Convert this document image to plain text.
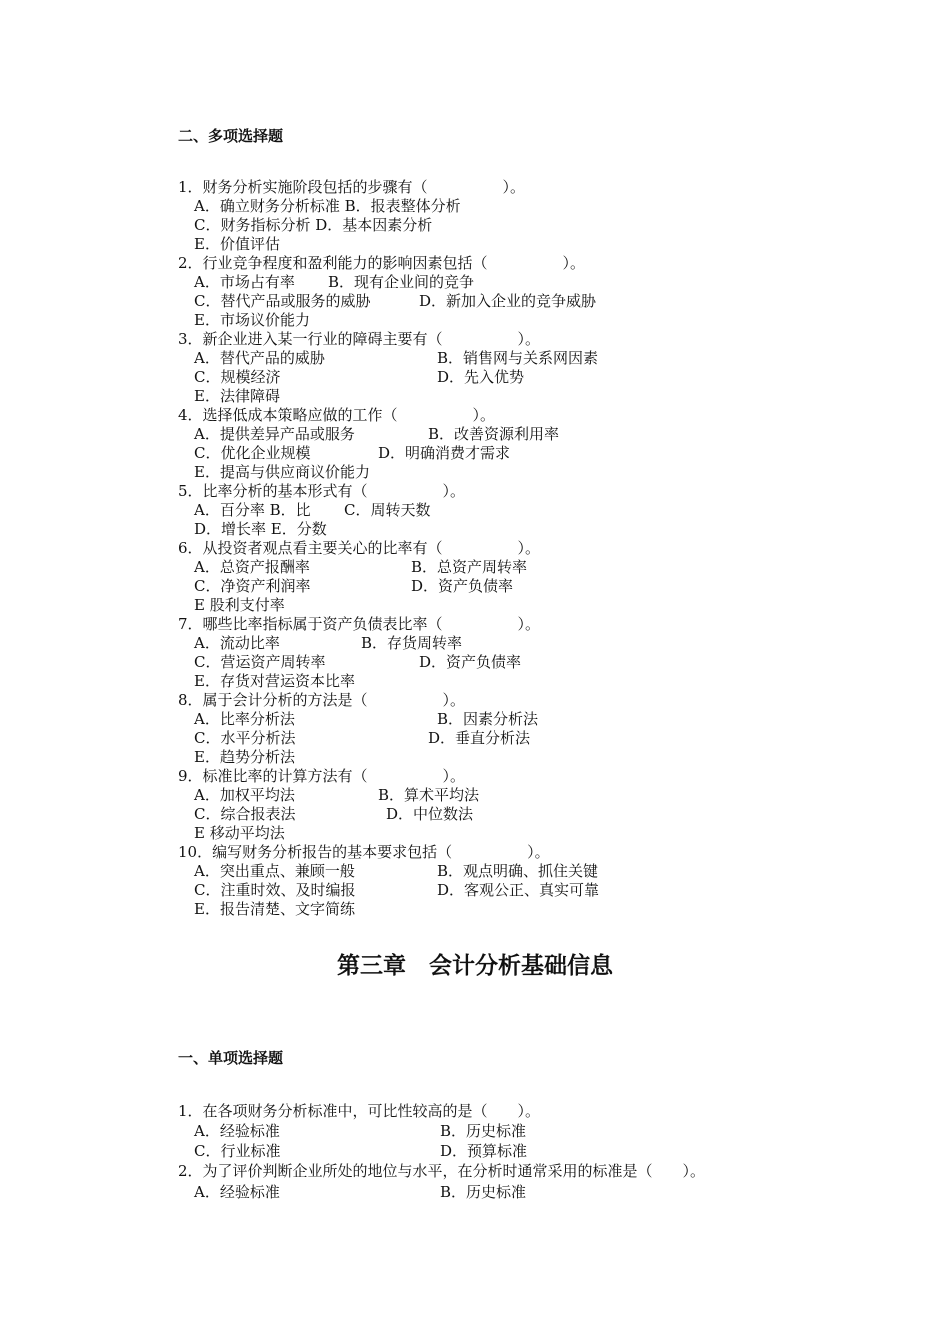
二、多项选择题
1．财务分析实施阶段包括的步骤有（　　　　　）。
A．确立财务分析标准 B．报表整体分析
C．财务指标分析 D．基本因素分析
E．价值评估
2．行业竞争程度和盈利能力的影响因素包括（　　　　　）。
A．市场占有率 B．现有企业间的竞争
C．替代产品或服务的威胁	D．新加入企业的竞争威胁
E．市场议价能力
3．新企业进入某一行业的障碍主要有（　　　　　）。
A．替代产品的威胁	B．销售网与关系网因素
C．规模经济	D．先入优势
E．法律障碍
4．选择低成本策略应做的工作（　　　　　）。
A．提供差异产品或服务	B．改善资源利用率
C．优化企业规模	D．明确消费才需求
E．提高与供应商议价能力
5．比率分析的基本形式有（　　　　　）。
A．百分率 B．比 C．周转天数
D．增长率 E．分数
6．从投资者观点看主要关心的比率有（　　　　　）。
A．总资产报酬率	B．总资产周转率
C．净资产利润率	D．资产负债率
E 股利支付率
7．哪些比率指标属于资产负债表比率（　　　　　）。
A．流动比率	B．存货周转率
C．营运资产周转率	D．资产负债率
E．存货对营运资本比率
8．属于会计分析的方法是（　　　　　）。
A．比率分析法	B．因素分析法
C．水平分析法	D．垂直分析法
E．趋势分析法
9．标准比率的计算方法有（　　　　　）。
A．加权平均法	B．算术平均法
C．综合报表法	D．中位数法
E 移动平均法
10．编写财务分析报告的基本要求包括（　　　　　）。
A．突出重点、兼顾一般	B．观点明确、抓住关键
C．注重时效、及时编报	D．客观公正、真实可靠
E．报告清楚、文字简练
第三章　会计分析基础信息
一、单项选择题
1．在各项财务分析标准中，可比性较高的是（　　）。
A．经验标准	B．历史标准
C．行业标准	D．预算标准
2．为了评价判断企业所处的地位与水平，在分析时通常采用的标准是（　　）。
A．经验标准	B．历史标准
